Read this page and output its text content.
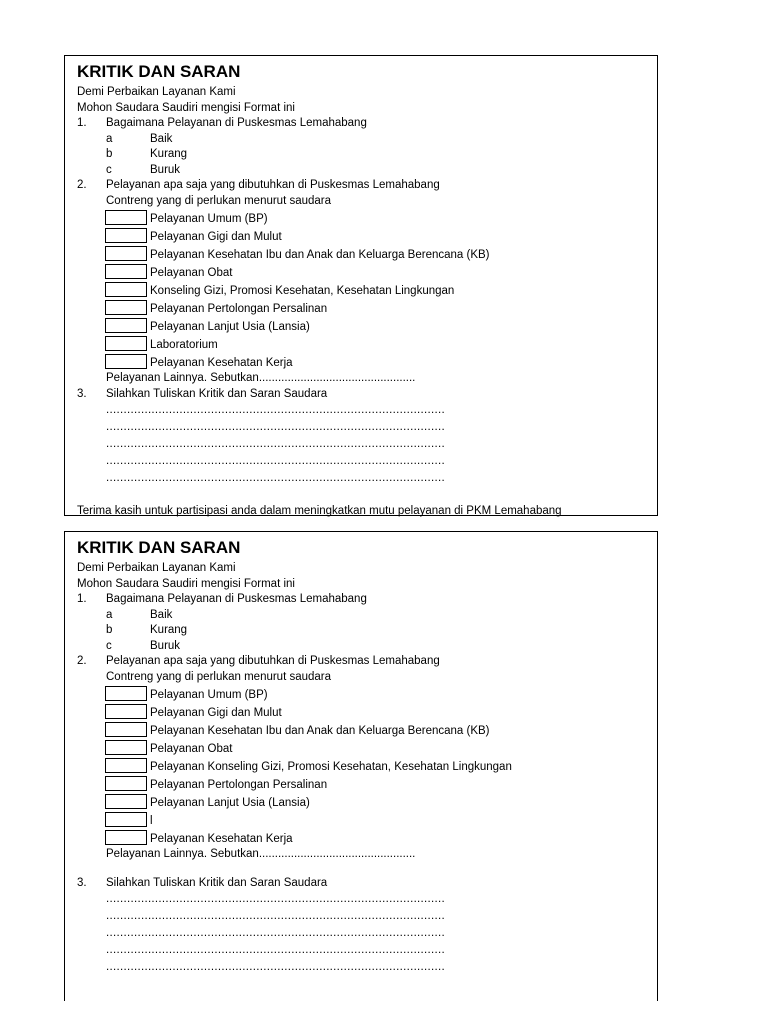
KRITIK DAN SARAN
Demi Perbaikan Layanan Kami
Mohon Saudara Saudiri mengisi Format ini
1. Bagaimana Pelayanan di Puskesmas Lemahabang
a	Baik
b	Kurang
c	Buruk
2. Pelayanan apa saja yang dibutuhkan di Puskesmas Lemahabang
Contreng yang di perlukan menurut saudara
Pelayanan Umum (BP)
Pelayanan Gigi dan Mulut
Pelayanan Kesehatan Ibu dan Anak dan Keluarga Berencana (KB)
Pelayanan Obat
Konseling Gizi, Promosi Kesehatan, Kesehatan Lingkungan
Pelayanan Pertolongan Persalinan
Pelayanan Lanjut Usia (Lansia)
Laboratorium
Pelayanan Kesehatan Kerja
Pelayanan Lainnya. Sebutkan.................................................
3. Silahkan Tuliskan Kritik dan Saran Saudara
.................................................................................................
.................................................................................................
.................................................................................................
.................................................................................................
.................................................................................................
Terima kasih untuk partisipasi anda dalam meningkatkan mutu pelayanan di PKM Lemahabang
KRITIK DAN SARAN
Demi Perbaikan Layanan Kami
Mohon Saudara Saudiri mengisi Format ini
1. Bagaimana Pelayanan di Puskesmas Lemahabang
a	Baik
b	Kurang
c	Buruk
2. Pelayanan apa saja yang dibutuhkan di Puskesmas Lemahabang
Contreng yang di perlukan menurut saudara
Pelayanan Umum (BP)
Pelayanan Gigi dan Mulut
Pelayanan Kesehatan Ibu dan Anak dan Keluarga Berencana (KB)
Pelayanan Obat
Pelayanan Konseling Gizi, Promosi Kesehatan, Kesehatan Lingkungan
Pelayanan Pertolongan Persalinan
Pelayanan Lanjut Usia (Lansia)
l
Pelayanan Kesehatan Kerja
Pelayanan Lainnya. Sebutkan.................................................
3. Silahkan Tuliskan Kritik dan Saran Saudara
.................................................................................................
.................................................................................................
.................................................................................................
.................................................................................................
.................................................................................................
